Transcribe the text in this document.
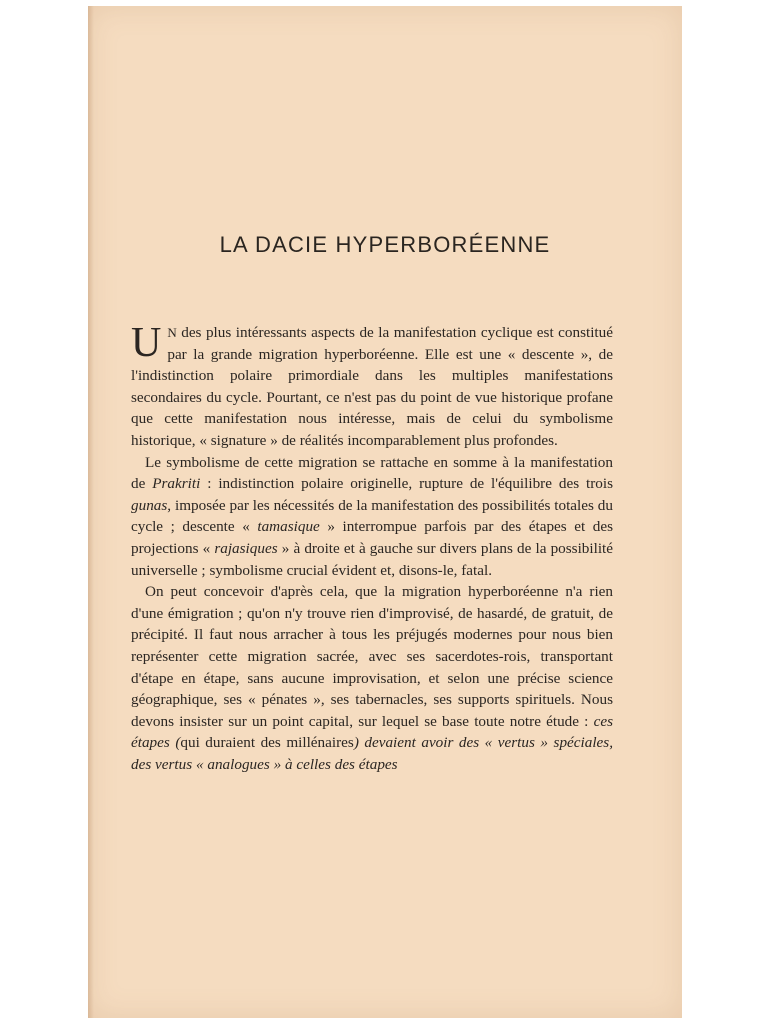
LA DACIE HYPERBORÉENNE

U N des plus intéressants aspects de la manifestation cyclique est constitué par la grande migration hyperboréenne. Elle est une « descente », de l'indistinction polaire primordiale dans les multiples manifestations secondaires du cycle. Pourtant, ce n'est pas du point de vue historique profane que cette manifestation nous intéresse, mais de celui du symbolisme historique, « signature » de réalités incomparablement plus profondes.

Le symbolisme de cette migration se rattache en somme à la manifestation de Prakriti : indistinction polaire originelle, rupture de l'équilibre des trois gunas, imposée par les nécessités de la manifestation des possibilités totales du cycle ; descente « tamasique » interrompue parfois par des étapes et des projections « rajasiques » à droite et à gauche sur divers plans de la possibilité universelle ; symbolisme crucial évident et, disons-le, fatal.

On peut concevoir d'après cela, que la migration hyperboréenne n'a rien d'une émigration ; qu'on n'y trouve rien d'improvisé, de hasardé, de gratuit, de précipité. Il faut nous arracher à tous les préjugés modernes pour nous bien représenter cette migration sacrée, avec ses sacerdotes-rois, transportant d'étape en étape, sans aucune improvisation, et selon une précise science géographique, ses « pénates », ses tabernacles, ses supports spirituels. Nous devons insister sur un point capital, sur lequel se base toute notre étude : ces étapes (qui duraient des millénaires) devaient avoir des « vertus » spéciales, des vertus « analogues » à celles des étapes
